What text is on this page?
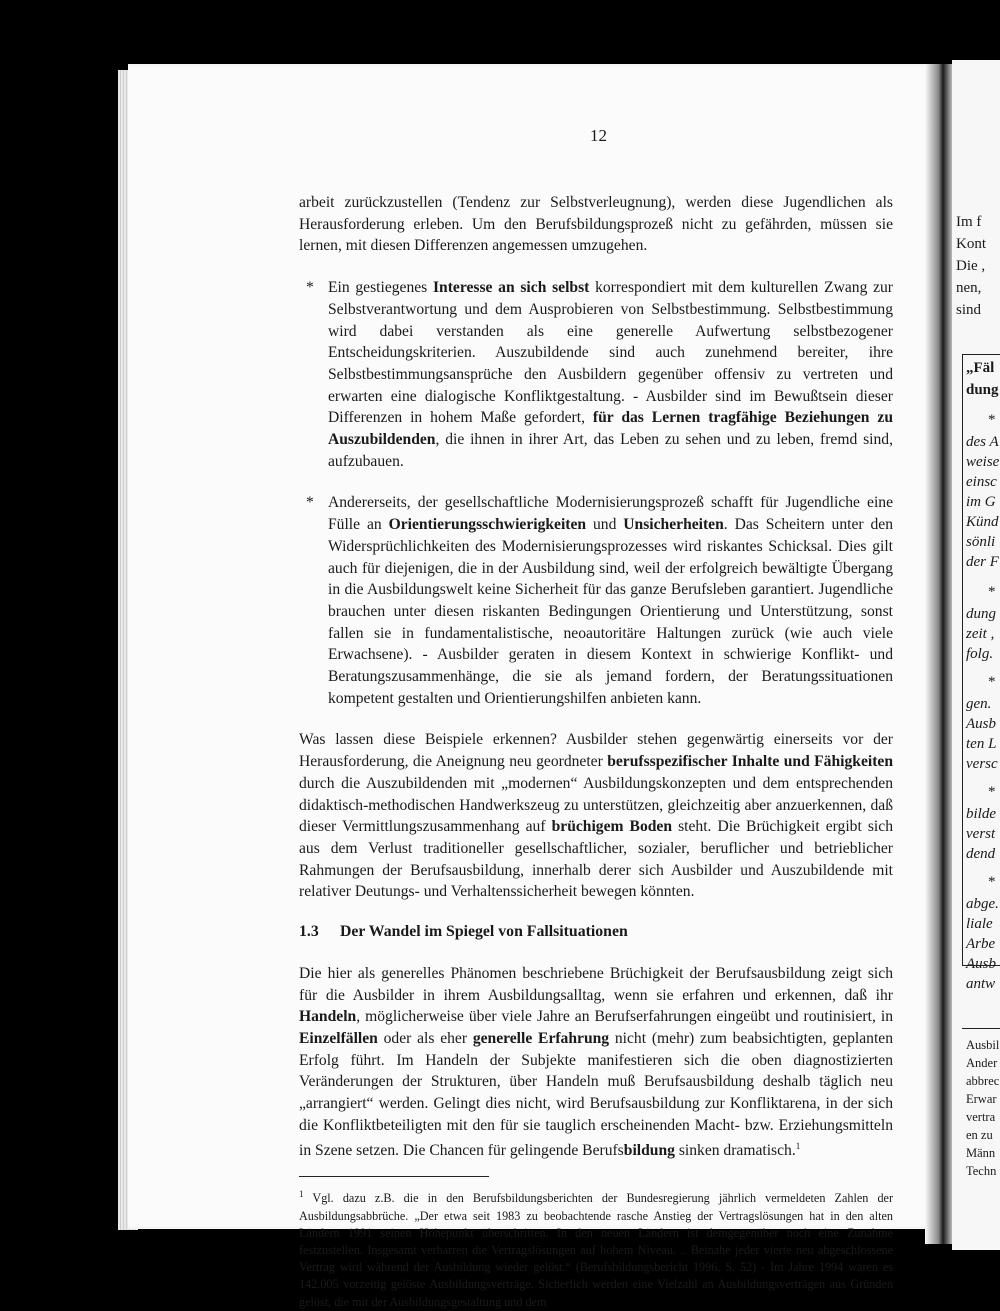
12

arbeit zurückzustellen (Tendenz zur Selbstverleugnung), werden diese Jugendlichen als Herausforderung erleben. Um den Berufsbildungsprozeß nicht zu gefährden, müssen sie lernen, mit diesen Differenzen angemessen umzugehen.

* Ein gestiegenes Interesse an sich selbst korrespondiert mit dem kulturellen Zwang zur Selbstverantwortung und dem Ausprobieren von Selbstbestimmung. Selbstbestimmung wird dabei verstanden als eine generelle Aufwertung selbstbezogener Entscheidungskriterien. Auszubildende sind auch zunehmend bereiter, ihre Selbstbestimmungsansprüche den Ausbildern gegenüber offensiv zu vertreten und erwarten eine dialogische Konfliktgestaltung. - Ausbilder sind im Bewußtsein dieser Differenzen in hohem Maße gefordert, für das Lernen tragfähige Beziehungen zu Auszubildenden, die ihnen in ihrer Art, das Leben zu sehen und zu leben, fremd sind, aufzubauen.

* Andererseits, der gesellschaftliche Modernisierungsprozeß schafft für Jugendliche eine Fülle an Orientierungsschwierigkeiten und Unsicherheiten. Das Scheitern unter den Widersprüchlichkeiten des Modernisierungsprozesses wird riskantes Schicksal. Dies gilt auch für diejenigen, die in der Ausbildung sind, weil der erfolgreich bewältigte Übergang in die Ausbildungswelt keine Sicherheit für das ganze Berufsleben garantiert. Jugendliche brauchen unter diesen riskanten Bedingungen Orientierung und Unterstützung, sonst fallen sie in fundamentalistische, neoautoritäre Haltungen zurück (wie auch viele Erwachsene). - Ausbilder geraten in diesem Kontext in schwierige Konflikt- und Beratungszusammenhänge, die sie als jemand fordern, der Beratungssituationen kompetent gestalten und Orientierungshilfen anbieten kann.

Was lassen diese Beispiele erkennen? Ausbilder stehen gegenwärtig einerseits vor der Herausforderung, die Aneignung neu geordneter berufsspezifischer Inhalte und Fähigkeiten durch die Auszubildenden mit „modernen“ Ausbildungskonzepten und dem entsprechenden didaktisch-methodischen Handwerkszeug zu unterstützen, gleichzeitig aber anzuerkennen, daß dieser Vermittlungszusammenhang auf brüchigem Boden steht. Die Brüchigkeit ergibt sich aus dem Verlust traditioneller gesellschaftlicher, sozialer, beruflicher und betrieblicher Rahmungen der Berufsausbildung, innerhalb derer sich Ausbilder und Auszubildende mit relativer Deutungs- und Verhaltenssicherheit bewegen könnten.

1.3 Der Wandel im Spiegel von Fallsituationen

Die hier als generelles Phänomen beschriebene Brüchigkeit der Berufsausbildung zeigt sich für die Ausbilder in ihrem Ausbildungsalltag, wenn sie erfahren und erkennen, daß ihr Handeln, möglicherweise über viele Jahre an Berufserfahrungen eingeübt und routinisiert, in Einzelfällen oder als eher generelle Erfahrung nicht (mehr) zum beabsichtigten, geplanten Erfolg führt. Im Handeln der Subjekte manifestieren sich die oben diagnostizierten Veränderungen der Strukturen, über Handeln muß Berufsausbildung deshalb täglich neu „arrangiert“ werden. Gelingt dies nicht, wird Berufsausbildung zur Konfliktarena, in der sich die Konfliktbeteiligten mit den für sie tauglich erscheinenden Macht- bzw. Erziehungsmitteln in Szene setzen. Die Chancen für gelingende Berufsbildung sinken dramatisch.$^1$

$^1$ Vgl. dazu z.B. die in den Berufsbildungsberichten der Bundesregierung jährlich vermeldeten Zahlen der Ausbildungsabbrüche. „Der etwa seit 1983 zu beobachtende rasche Anstieg der Vertragslösungen hat in den alten Ländern 1991 seinen Höhepunkt überschritten. In den neuen Ländern ist demgegenüber noch eine Zunahme festzustellen. Insgesamt verharren die Vertragslösungen auf hohem Niveau. .. Beinahe jeder vierte neu abgeschlossene Vertrag wird während der Ausbildung wieder gelöst.“ (Berufsbildungsbericht 1996, S. 52) - Im Jahre 1994 waren es 142.005 vorzeitig gelöste Ausbildungsverträge. Sicherlich werden eine Vielzahl an Ausbildungsverträgen aus Gründen gelöst, die mit der Ausbildungsgestaltung und dem

Im f
Kont
Die ,
nen,
sind
„Fäl
dung
*
des A
weise
einsc
im G
Künd
sönli
der F
*
dung
zeit ,
folg.
*
gen.
Ausb
ten L
versc
*
bilde
verst
dend
*
abge.
liale
Arbe
Ausb
antw
Ausbil
Ander
abbrec
Erwar
vertra
en zu
Männ
Techn
